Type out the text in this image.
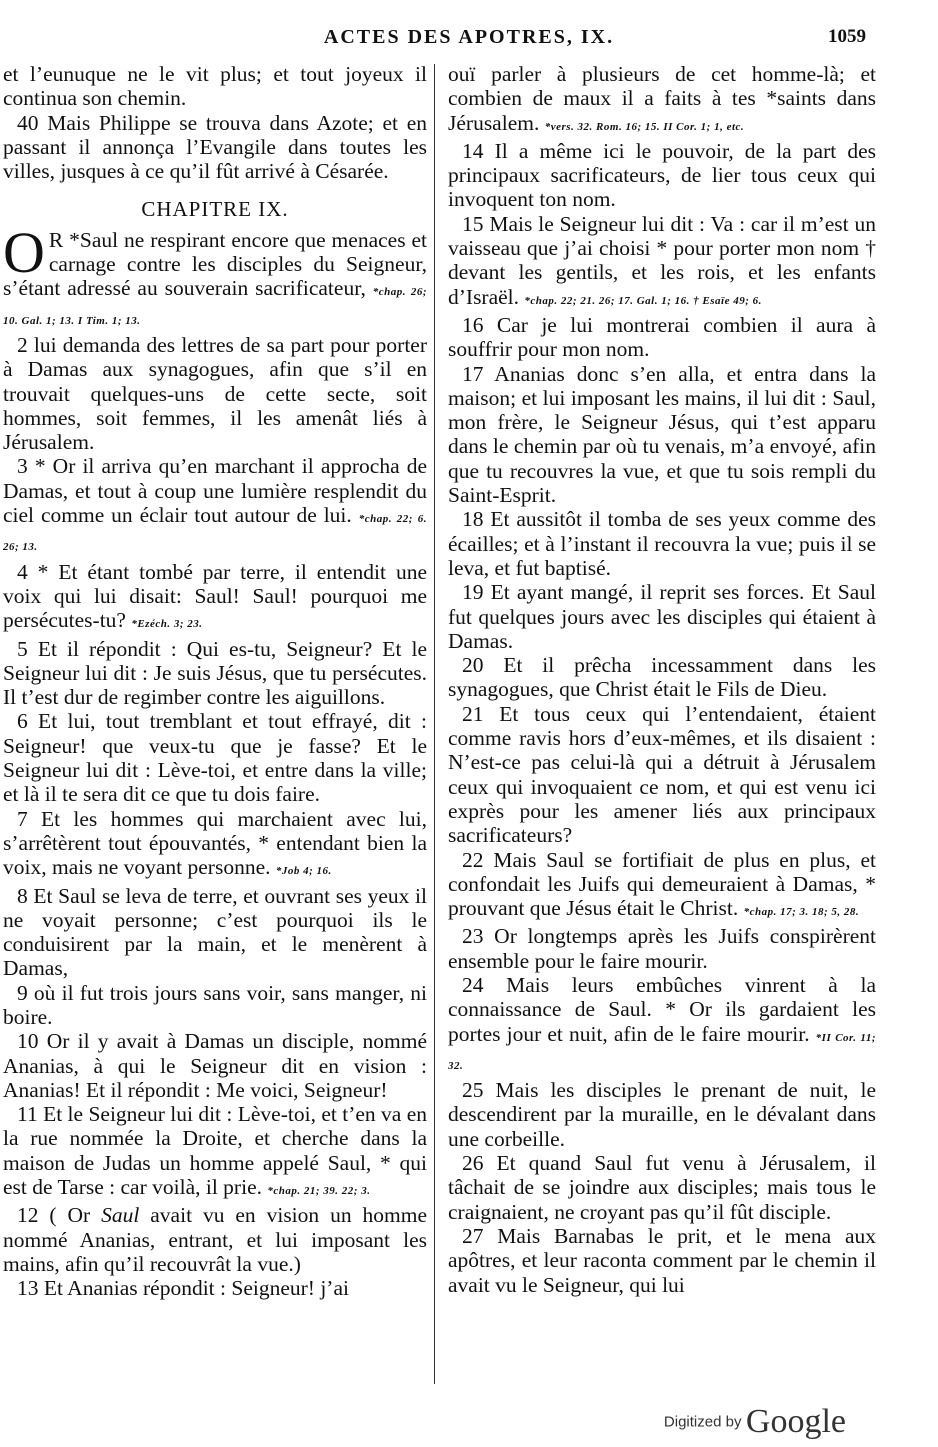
ACTES DES APOTRES, IX.	1059

et l’eunuque ne le vit plus; et tout joyeux il continua son chemin.

40 Mais Philippe se trouva dans Azote; et en passant il annonça l’Evangile dans toutes les villes, jusques à ce qu’il fût arrivé à Césarée.

CHAPITRE IX.

O R *Saul ne respirant encore que menaces et carnage contre les disciples du Seigneur, s’étant adressé au souverain sacrificateur, *chap. 26; 10. Gal. 1; 13. I Tim. 1; 13.

2 lui demanda des lettres de sa part pour porter à Damas aux synagogues, afin que s’il en trouvait quelques-uns de cette secte, soit hommes, soit femmes, il les amenât liés à Jérusalem.

3 * Or il arriva qu’en marchant il approcha de Damas, et tout à coup une lumière resplendit du ciel comme un éclair tout autour de lui. *chap. 22; 6. 26; 13.

4 * Et étant tombé par terre, il entendit une voix qui lui disait: Saul! Saul! pourquoi me persécutes-tu? *Ezéch. 3; 23.

5 Et il répondit : Qui es-tu, Seigneur? Et le Seigneur lui dit : Je suis Jésus, que tu persécutes. Il t’est dur de regimber contre les aiguillons.

6 Et lui, tout tremblant et tout effrayé, dit : Seigneur! que veux-tu que je fasse? Et le Seigneur lui dit : Lève-toi, et entre dans la ville; et là il te sera dit ce que tu dois faire.

7 Et les hommes qui marchaient avec lui, s’arrêtèrent tout épouvantés, * entendant bien la voix, mais ne voyant personne. *Job 4; 16.

8 Et Saul se leva de terre, et ouvrant ses yeux il ne voyait personne; c’est pourquoi ils le conduisirent par la main, et le menèrent à Damas,

9 où il fut trois jours sans voir, sans manger, ni boire.

10 Or il y avait à Damas un disciple, nommé Ananias, à qui le Seigneur dit en vision : Ananias! Et il répondit : Me voici, Seigneur!

11 Et le Seigneur lui dit : Lève-toi, et t’en va en la rue nommée la Droite, et cherche dans la maison de Judas un homme appelé Saul, * qui est de Tarse : car voilà, il prie. *chap. 21; 39. 22; 3.

12 ( Or Saul avait vu en vision un homme nommé Ananias, entrant, et lui imposant les mains, afin qu’il recouvrât la vue.)

13 Et Ananias répondit : Seigneur! j’ai

ouï parler à plusieurs de cet homme-là; et combien de maux il a faits à tes *saints dans Jérusalem. *vers. 32. Rom. 16; 15. II Cor. 1; 1, etc.

14 Il a même ici le pouvoir, de la part des principaux sacrificateurs, de lier tous ceux qui invoquent ton nom.

15 Mais le Seigneur lui dit : Va : car il m’est un vaisseau que j’ai choisi * pour porter mon nom † devant les gentils, et les rois, et les enfants d’Israël. *chap. 22; 21. 26; 17. Gal. 1; 16. † Esaïe 49; 6.

16 Car je lui montrerai combien il aura à souffrir pour mon nom.

17 Ananias donc s’en alla, et entra dans la maison; et lui imposant les mains, il lui dit : Saul, mon frère, le Seigneur Jésus, qui t’est apparu dans le chemin par où tu venais, m’a envoyé, afin que tu recouvres la vue, et que tu sois rempli du Saint-Esprit.

18 Et aussitôt il tomba de ses yeux comme des écailles; et à l’instant il recouvra la vue; puis il se leva, et fut baptisé.

19 Et ayant mangé, il reprit ses forces. Et Saul fut quelques jours avec les disciples qui étaient à Damas.

20 Et il prêcha incessamment dans les synagogues, que Christ était le Fils de Dieu.

21 Et tous ceux qui l’entendaient, étaient comme ravis hors d’eux-mêmes, et ils disaient : N’est-ce pas celui-là qui a détruit à Jérusalem ceux qui invoquaient ce nom, et qui est venu ici exprès pour les amener liés aux principaux sacrificateurs?

22 Mais Saul se fortifiait de plus en plus, et confondait les Juifs qui demeuraient à Damas, * prouvant que Jésus était le Christ. *chap. 17; 3. 18; 5, 28.

23 Or longtemps après les Juifs conspirèrent ensemble pour le faire mourir.

24 Mais leurs embûches vinrent à la connaissance de Saul. * Or ils gardaient les portes jour et nuit, afin de le faire mourir. *II Cor. 11; 32.

25 Mais les disciples le prenant de nuit, le descendirent par la muraille, en le dévalant dans une corbeille.

26 Et quand Saul fut venu à Jérusalem, il tâchait de se joindre aux disciples; mais tous le craignaient, ne croyant pas qu’il fût disciple.

27 Mais Barnabas le prit, et le mena aux apôtres, et leur raconta comment par le chemin il avait vu le Seigneur, qui lui

Digitized by Google
